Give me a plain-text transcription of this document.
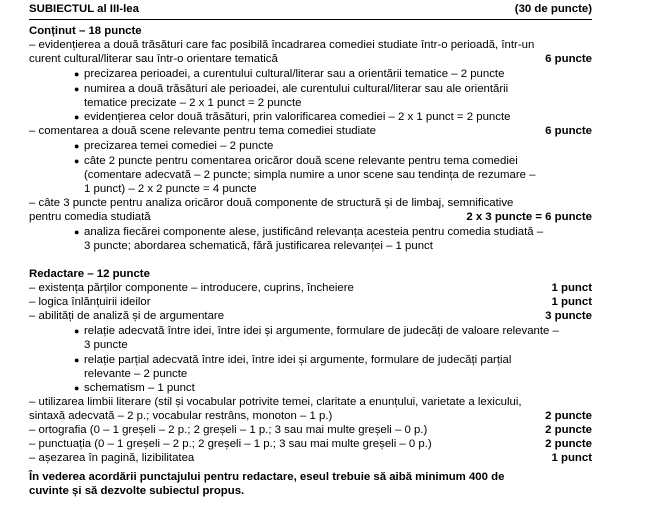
SUBIECTUL al III-lea	(30 de puncte)
Conținut – 18 puncte
– evidențierea a două trăsături care fac posibilă încadrarea comediei studiate într-o perioadă, într-un
curent cultural/literar sau într-o orientare tematică	6 puncte
● precizarea perioadei, a curentului cultural/literar sau a orientării tematice – 2 puncte
● numirea a două trăsături ale perioadei, ale curentului cultural/literar sau ale orientării
tematice precizate – 2 x 1 punct = 2 puncte
● evidențierea celor două trăsături, prin valorificarea comediei – 2 x 1 punct = 2 puncte
– comentarea a două scene relevante pentru tema comediei studiate	6 puncte
● precizarea temei comediei – 2 puncte
● câte 2 puncte pentru comentarea oricăror două scene relevante pentru tema comediei
(comentare adecvată – 2 puncte; simpla numire a unor scene sau tendința de rezumare –
1 punct) – 2 x 2 puncte = 4 puncte
– câte 3 puncte pentru analiza oricăror două componente de structură și de limbaj, semnificative
pentru comedia studiată	2 x 3 puncte = 6 puncte
● analiza fiecărei componente alese, justificând relevanța acesteia pentru comedia studiată –
3 puncte; abordarea schematică, fără justificarea relevanței – 1 punct
Redactare – 12 puncte
– existența părților componente – introducere, cuprins, încheiere	1 punct
– logica înlănțuirii ideilor	1 punct
– abilități de analiză și de argumentare	3 puncte
● relație adecvată între idei, între idei și argumente, formulare de judecăți de valoare relevante –
3 puncte
● relație parțial adecvată între idei, între idei și argumente, formulare de judecăți parțial
relevante – 2 puncte
● schematism – 1 punct
– utilizarea limbii literare (stil și vocabular potrivite temei, claritate a enunțului, varietate a lexicului,
sintaxă adecvată – 2 p.; vocabular restrâns, monoton – 1 p.)	2 puncte
– ortografia (0 – 1 greșeli – 2 p.; 2 greșeli – 1 p.; 3 sau mai multe greșeli – 0 p.)	2 puncte
– punctuația (0 – 1 greșeli – 2 p.; 2 greșeli – 1 p.; 3 sau mai multe greșeli – 0 p.)	2 puncte
– așezarea în pagină, lizibilitatea	1 punct
În vederea acordării punctajului pentru redactare, eseul trebuie să aibă minimum 400 de
cuvinte și să dezvolte subiectul propus.
